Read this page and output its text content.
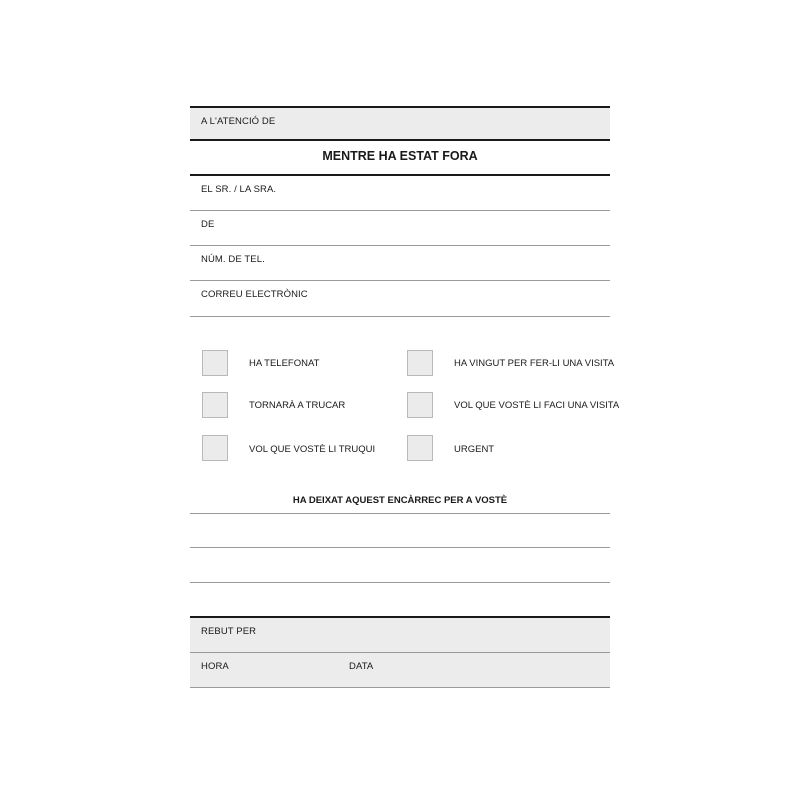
A L'ATENCIÓ DE
MENTRE HA ESTAT FORA
EL SR. / LA SRA.
DE
NÚM. DE TEL.
CORREU ELECTRÒNIC
HA TELEFONAT
TORNARÀ A TRUCAR
VOL QUE VOSTÈ LI TRUQUI
HA VINGUT PER FER-LI UNA VISITA
VOL QUE VOSTÈ LI FACI UNA VISITA
URGENT
HA DEIXAT AQUEST ENCÀRREC PER A VOSTÈ
REBUT PER
HORA	DATA
